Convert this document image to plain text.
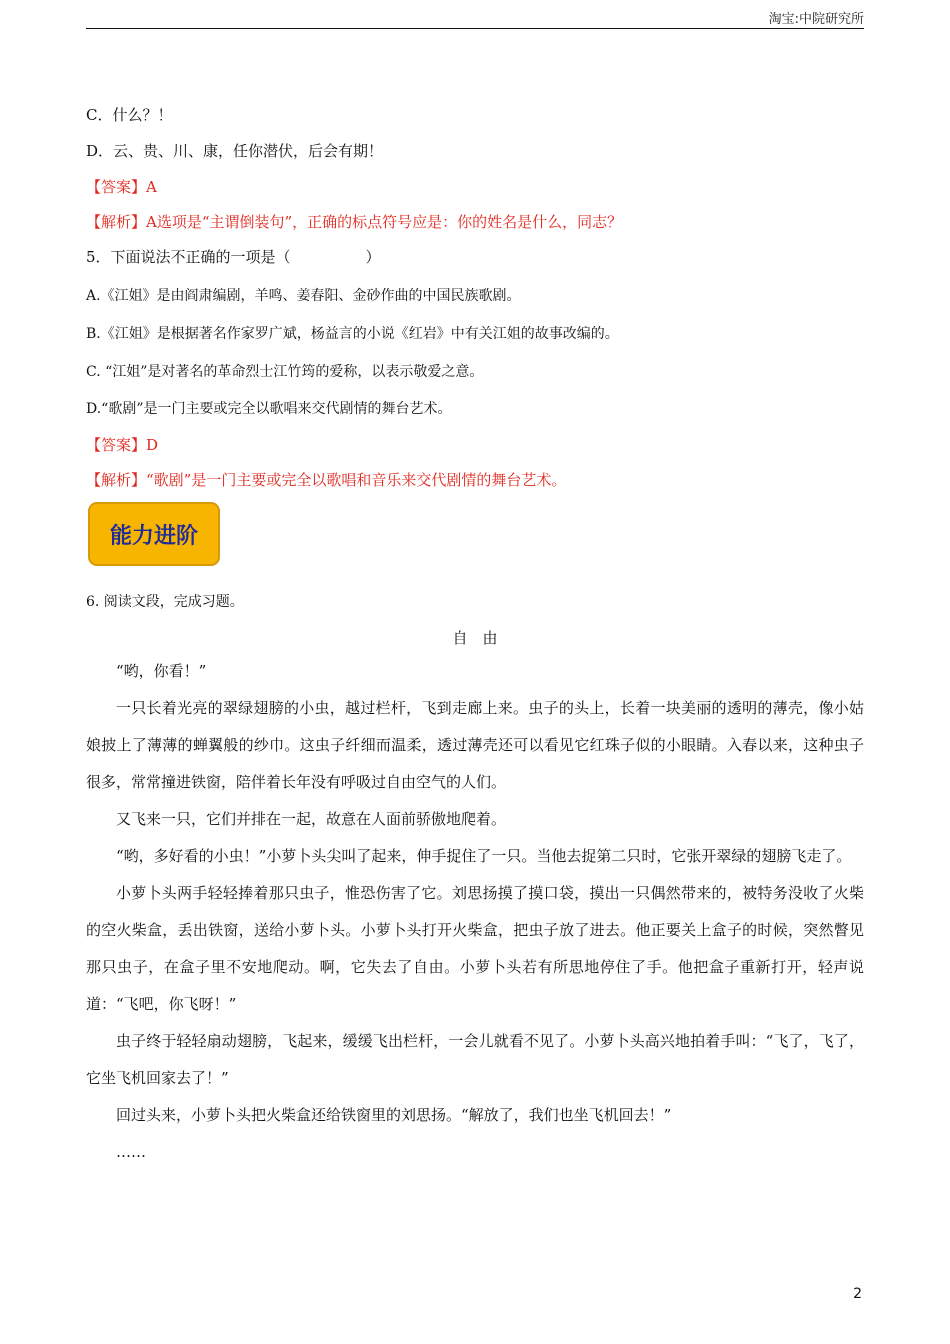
淘宝:中院研究所
C．什么？！
D．云、贵、川、康，任你潜伏，后会有期！
【答案】A
【解析】A选项是“主谓倒装句”，正确的标点符号应是：你的姓名是什么，同志？
5．下面说法不正确的一项是（　　　　　）
A.《江姐》是由阎肃编剧，羊鸣、姜春阳、金砂作曲的中国民族歌剧。
B.《江姐》是根据著名作家罗广斌，杨益言的小说《红岩》中有关江姐的故事改编的。
C. “江姐”是对著名的革命烈士江竹筠的爱称，以表示敬爱之意。
D.“歌剧”是一门主要或完全以歌唱来交代剧情的舞台艺术。
【答案】D
【解析】“歌剧”是一门主要或完全以歌唱和音乐来交代剧情的舞台艺术。
能力进阶
6. 阅读文段，完成习题。
自由

“哟，你看！”

一只长着光亮的翠绿翅膀的小虫，越过栏杆，飞到走廊上来。虫子的头上，长着一块美丽的透明的薄壳，像小姑娘披上了薄薄的蝉翼般的纱巾。这虫子纤细而温柔，透过薄壳还可以看见它红珠子似的小眼睛。入春以来，这种虫子很多，常常撞进铁窗，陪伴着长年没有呼吸过自由空气的人们。

又飞来一只，它们并排在一起，故意在人面前骄傲地爬着。

“哟，多好看的小虫！”小萝卜头尖叫了起来，伸手捉住了一只。当他去捉第二只时，它张开翠绿的翅膀飞走了。

小萝卜头两手轻轻捧着那只虫子，惟恐伤害了它。刘思扬摸了摸口袋，摸出一只偶然带来的，被特务没收了火柴的空火柴盒，丢出铁窗，送给小萝卜头。小萝卜头打开火柴盒，把虫子放了进去。他正要关上盒子的时候，突然瞥见那只虫子，在盒子里不安地爬动。啊，它失去了自由。小萝卜头若有所思地停住了手。他把盒子重新打开，轻声说道：“飞吧，你飞呀！”

虫子终于轻轻扇动翅膀，飞起来，缓缓飞出栏杆，一会儿就看不见了。小萝卜头高兴地拍着手叫：“飞了，飞了，它坐飞机回家去了！”

回过头来，小萝卜头把火柴盒还给铁窗里的刘思扬。“解放了，我们也坐飞机回去！”

……

2
